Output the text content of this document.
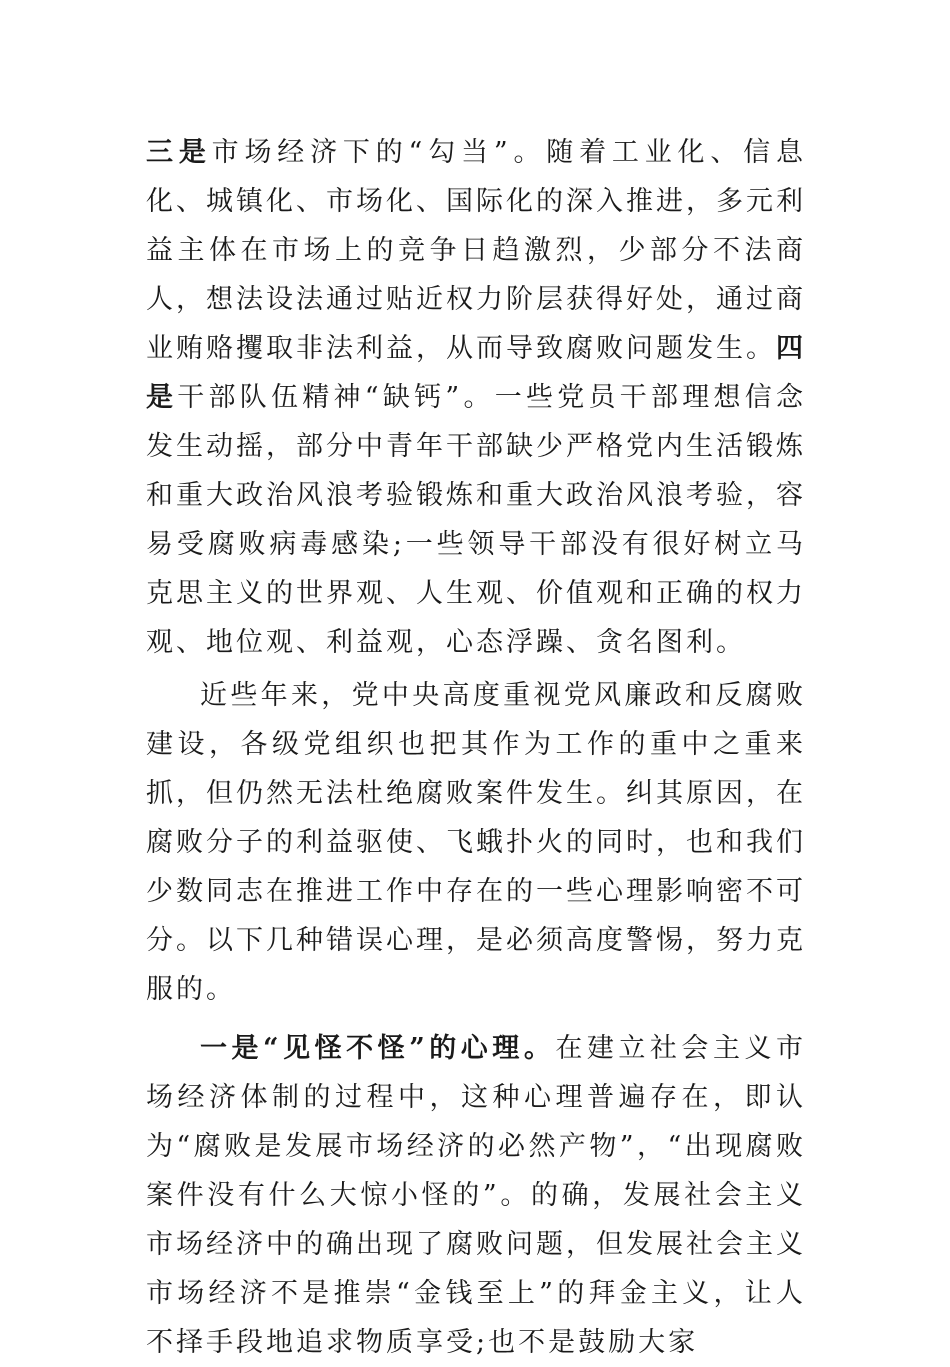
三是市场经济下的“勾当”。随着工业化、信息化、城镇化、市场化、国际化的深入推进，多元利益主体在市场上的竞争日趋激烈，少部分不法商人，想法设法通过贴近权力阶层获得好处，通过商业贿赂攫取非法利益，从而导致腐败问题发生。四是干部队伍精神“缺钙”。一些党员干部理想信念发生动摇，部分中青年干部缺少严格党内生活锻炼和重大政治风浪考验锻炼和重大政治风浪考验，容易受腐败病毒感染;一些领导干部没有很好树立马克思主义的世界观、人生观、价值观和正确的权力观、地位观、利益观，心态浮躁、贪名图利。

近些年来，党中央高度重视党风廉政和反腐败建设，各级党组织也把其作为工作的重中之重来抓，但仍然无法杜绝腐败案件发生。纠其原因，在腐败分子的利益驱使、飞蛾扑火的同时，也和我们少数同志在推进工作中存在的一些心理影响密不可分。以下几种错误心理，是必须高度警惕，努力克服的。

一是“见怪不怪”的心理。在建立社会主义市场经济体制的过程中，这种心理普遍存在，即认为“腐败是发展市场经济的必然产物”，“出现腐败案件没有什么大惊小怪的”。的确，发展社会主义市场经济中的确出现了腐败问题，但发展社会主义市场经济不是推崇“金钱至上”的拜金主义，让人不择手段地追求物质享受;也不是鼓励大家
